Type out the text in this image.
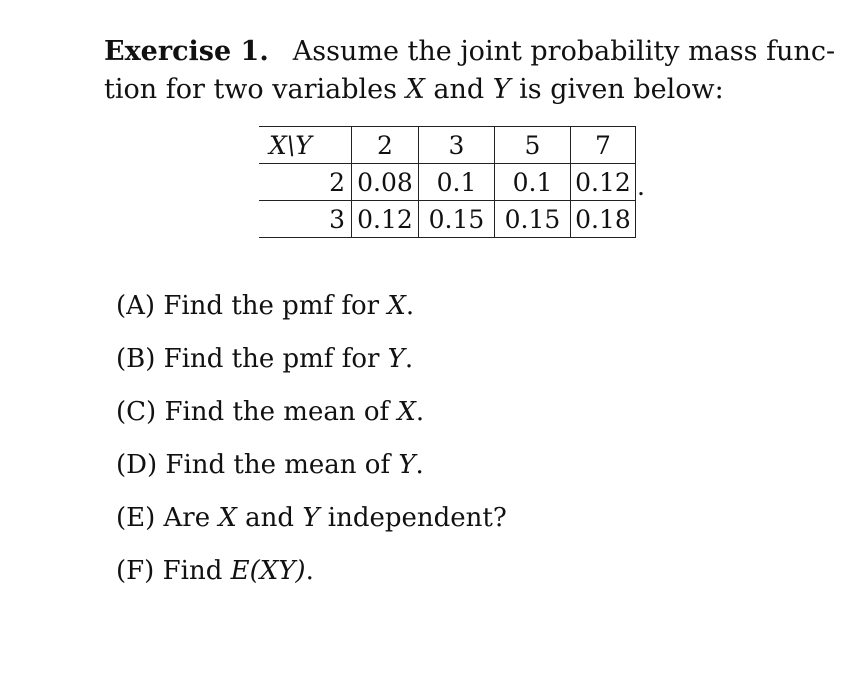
Exercise 1. Assume the joint probability mass func-
tion for two variables X and Y is given below:

X\Y	2	3	5	7
2	0.08	0.1	0.1	0.12
3	0.12	0.15	0.15	0.18
.
(A) Find the pmf for X.
(B) Find the pmf for Y.
(C) Find the mean of X.
(D) Find the mean of Y.
(E) Are X and Y independent?
(F) Find E(XY).
